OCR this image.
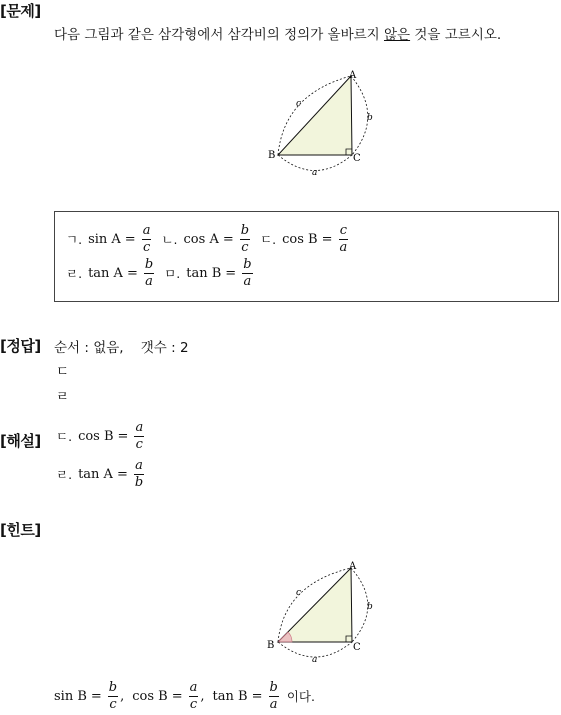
[문제]
다음 그림과 같은 삼각형에서 삼각비의 정의가 올바르지 않은 것을 고르시오.
A
B	C
c
b
a
ㄱ. $\sin A = \frac{a}{c}$ ㄴ. $\cos A = \frac{b}{c}$ ㄷ. $\cos B = \frac{c}{a}$
ㄹ. $\tan A = \frac{b}{a}$ ㅁ. $\tan B = \frac{b}{a}$
[정답] 순서 : 없음,    갯수 : 2
ㄷ
ㄹ
[해설] ㄷ. $\cos B = \frac{a}{c}$
ㄹ. $\tan A = \frac{a}{b}$
[힌트]
A
B	C
c
b
a
$\sin B = \frac{b}{c}$ , $\cos B = \frac{a}{c}$ , $\tan B = \frac{b}{a}$ 이다.
